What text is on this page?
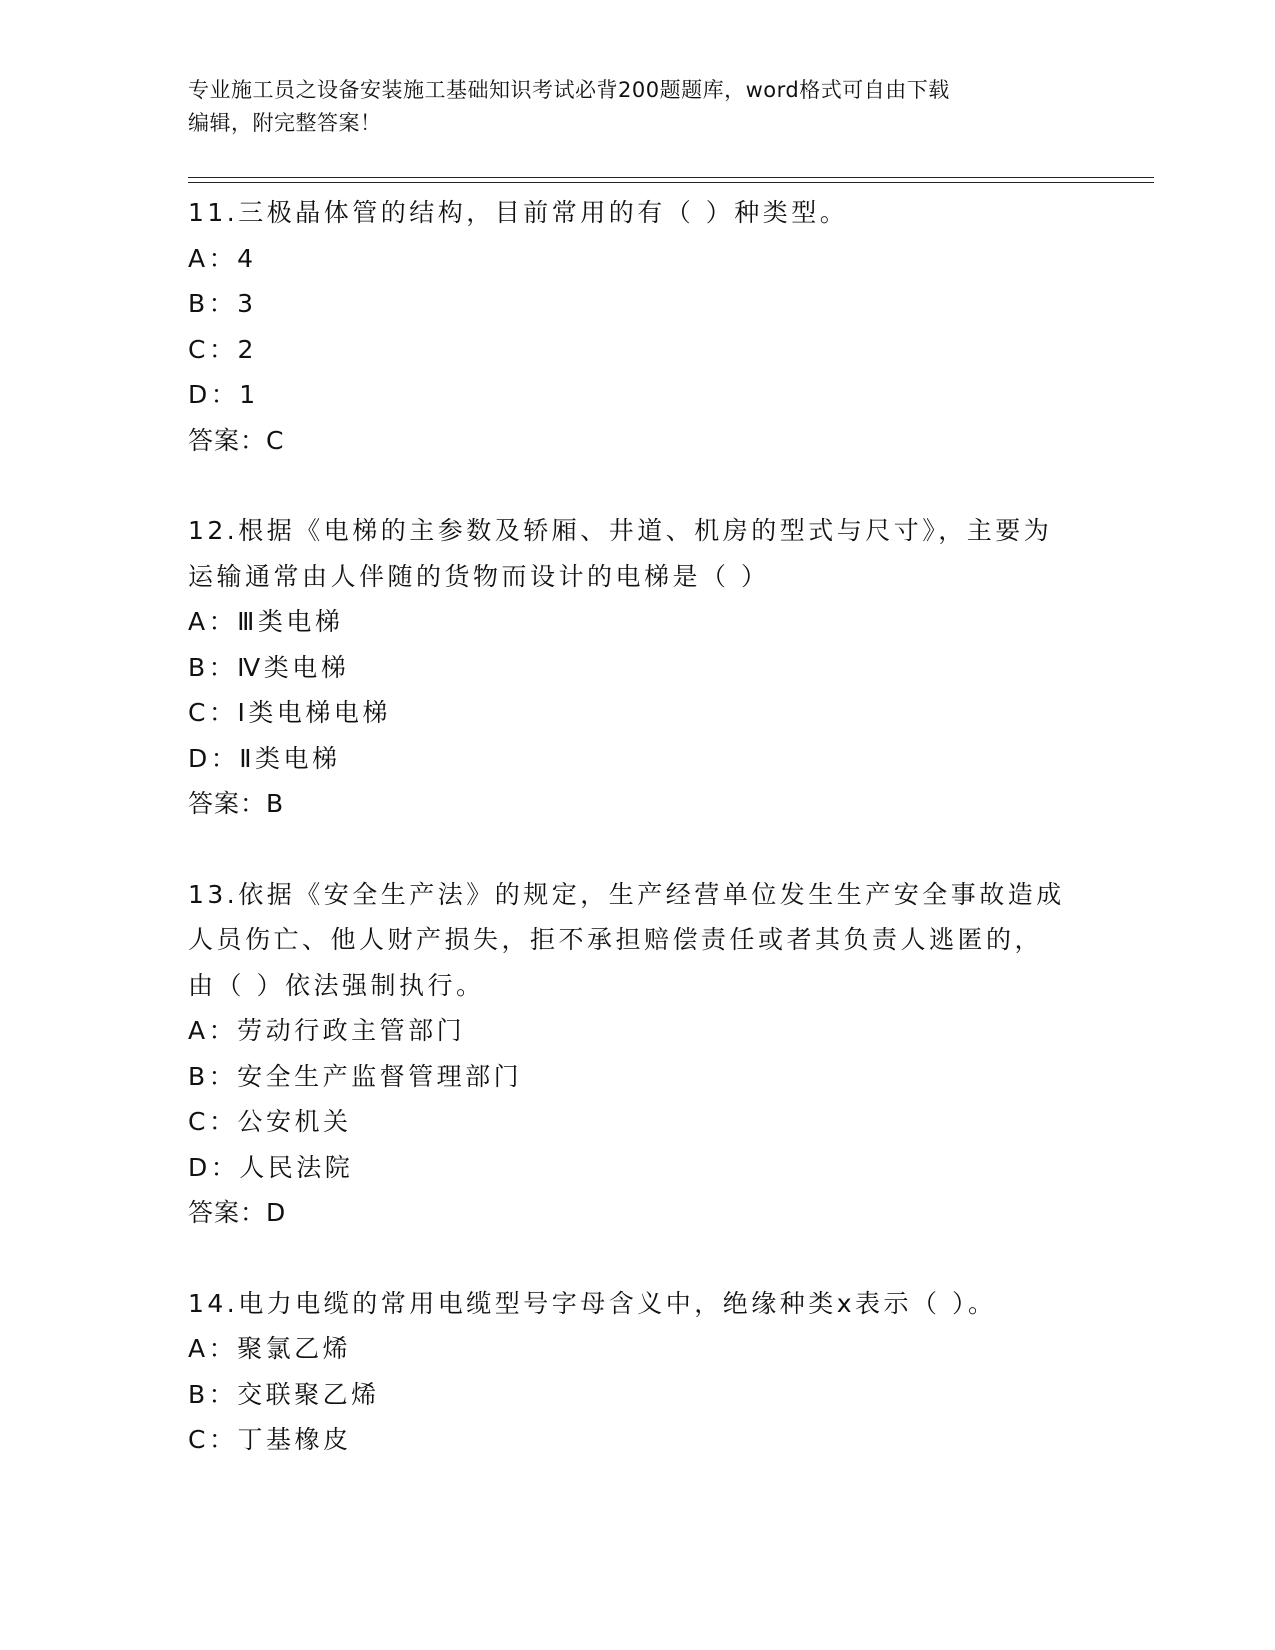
专业施工员之设备安装施工基础知识考试必背200题题库，word格式可自由下载
编辑，附完整答案！
11.三极晶体管的结构，目前常用的有（ ）种类型。
A：4
B：3
C：2
D：1
答案：C
12.根据《电梯的主参数及轿厢、井道、机房的型式与尺寸》，主要为
运输通常由人伴随的货物而设计的电梯是（ ）
A：Ⅲ类电梯
B：Ⅳ类电梯
C：Ⅰ类电梯电梯
D：Ⅱ类电梯
答案：B
13.依据《安全生产法》的规定，生产经营单位发生生产安全事故造成
人员伤亡、他人财产损失，拒不承担赔偿责任或者其负责人逃匿的，
由（ ）依法强制执行。
A：劳动行政主管部门
B：安全生产监督管理部门
C：公安机关
D：人民法院
答案：D
14.电力电缆的常用电缆型号字母含义中，绝缘种类x表示（ ）。
A：聚氯乙烯
B：交联聚乙烯
C：丁基橡皮
